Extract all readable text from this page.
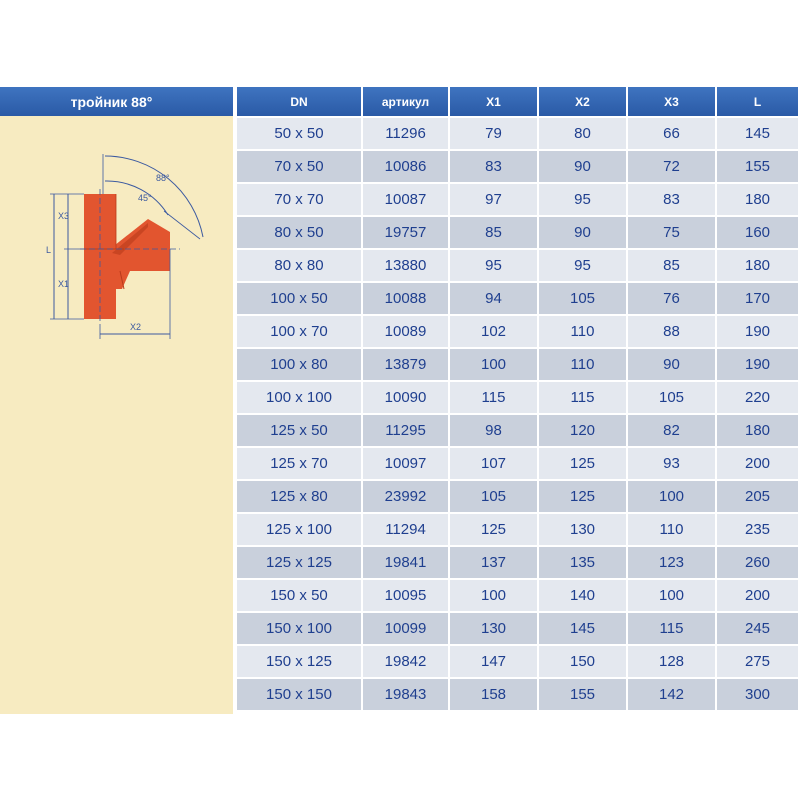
тройник 88°
88°
45°
L
X3
X1
X2
DN	артикул	X1	X2	X3	L
50 x 50	11296	79	80	66	145
70 x 50	10086	83	90	72	155
70 x 70	10087	97	95	83	180
80 x 50	19757	85	90	75	160
80 x 80	13880	95	95	85	180
100 x 50	10088	94	105	76	170
100 x 70	10089	102	110	88	190
100 x 80	13879	100	110	90	190
100 x 100	10090	115	115	105	220
125 x 50	11295	98	120	82	180
125 x 70	10097	107	125	93	200
125 x 80	23992	105	125	100	205
125 x 100	11294	125	130	110	235
125 x 125	19841	137	135	123	260
150 x 50	10095	100	140	100	200
150 x 100	10099	130	145	115	245
150 x 125	19842	147	150	128	275
150 x 150	19843	158	155	142	300
